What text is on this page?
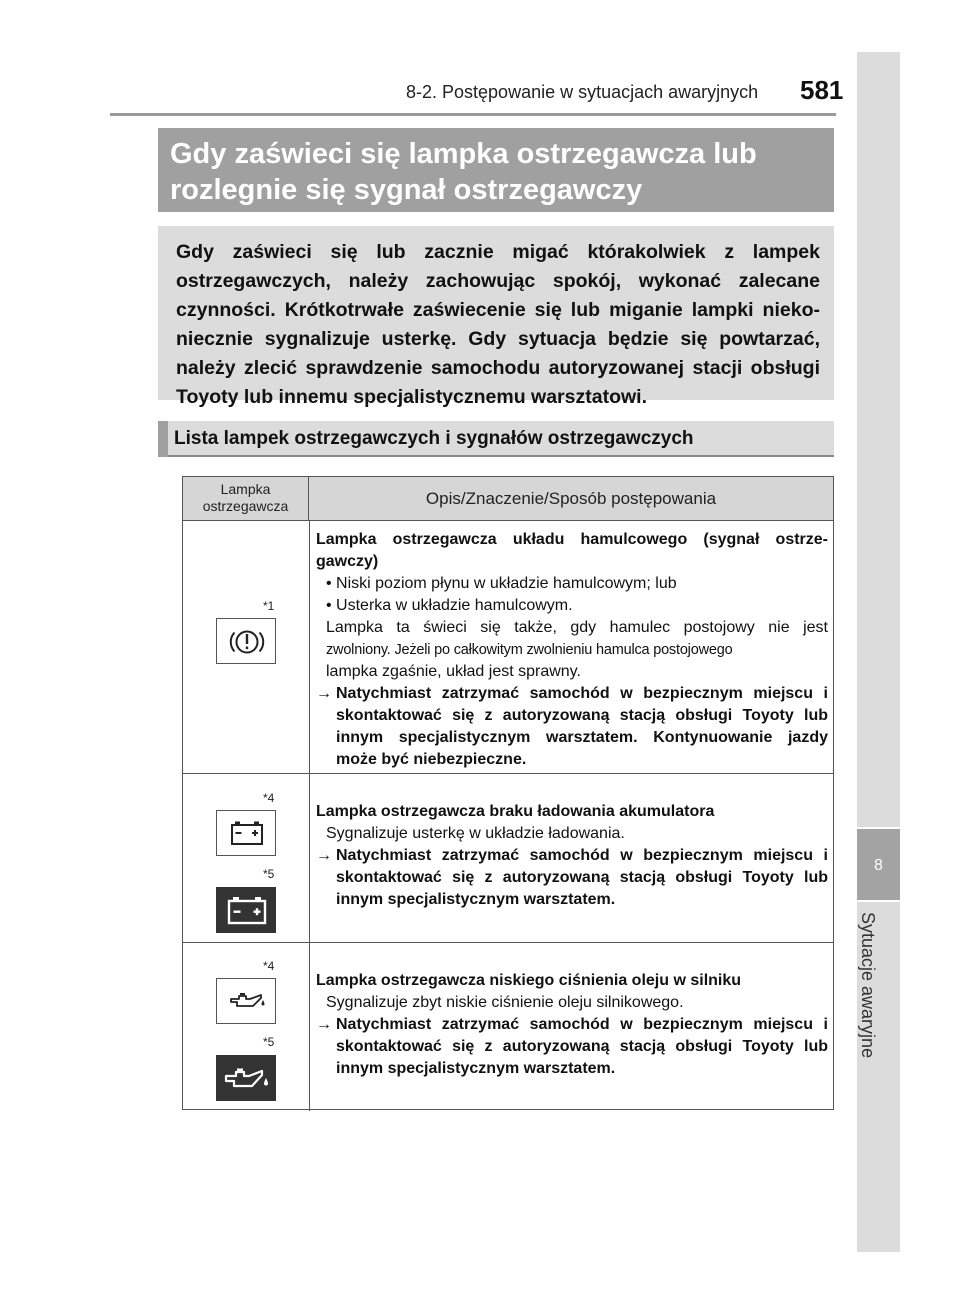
8-2. Postępowanie w sytuacjach awaryjnych 581
8
Sytuacje awaryjne
Gdy zaświeci się lampka ostrzegawcza lub
rozlegnie się sygnał ostrzegawczy

Gdy zaświeci się lub zacznie migać którakolwiek z lampek ostrzegawczych, należy zachowując spokój, wykonać zalecane czynności. Krótkotrwałe zaświecenie się lub miganie lampki nieko-niecznie sygnalizuje usterkę. Gdy sytuacja będzie się powtarzać, należy zlecić sprawdzenie samochodu autoryzowanej stacji obsługi Toyoty lub innemu specjalistycznemu warsztatowi.

Lista lampek ostrzegawczych i sygnałów ostrzegawczych
Lampka
ostrzegawcza	Opis/Znaczenie/Sposób postępowania
*1
Lampka ostrzegawcza układu hamulcowego (sygnał ostrze-gawczy)
• Niski poziom płynu w układzie hamulcowym; lub
• Usterka w układzie hamulcowym.
Lampka ta świeci się także, gdy hamulec postojowy nie jest
zwolniony. Jeżeli po całkowitym zwolnieniu hamulca postojowego
lampka zgaśnie, układ jest sprawny.
→ Natychmiast zatrzymać samochód w bezpiecznym miejscu i skontaktować się z autoryzowaną stacją obsługi Toyoty lub innym specjalistycznym warsztatem. Kontynuowanie jazdy może być niebezpieczne.
*4
*5
Lampka ostrzegawcza braku ładowania akumulatora
Sygnalizuje usterkę w układzie ładowania.
→ Natychmiast zatrzymać samochód w bezpiecznym miejscu i skontaktować się z autoryzowaną stacją obsługi Toyoty lub innym specjalistycznym warsztatem.
*4
*5
Lampka ostrzegawcza niskiego ciśnienia oleju w silniku
Sygnalizuje zbyt niskie ciśnienie oleju silnikowego.
→ Natychmiast zatrzymać samochód w bezpiecznym miejscu i skontaktować się z autoryzowaną stacją obsługi Toyoty lub innym specjalistycznym warsztatem.
